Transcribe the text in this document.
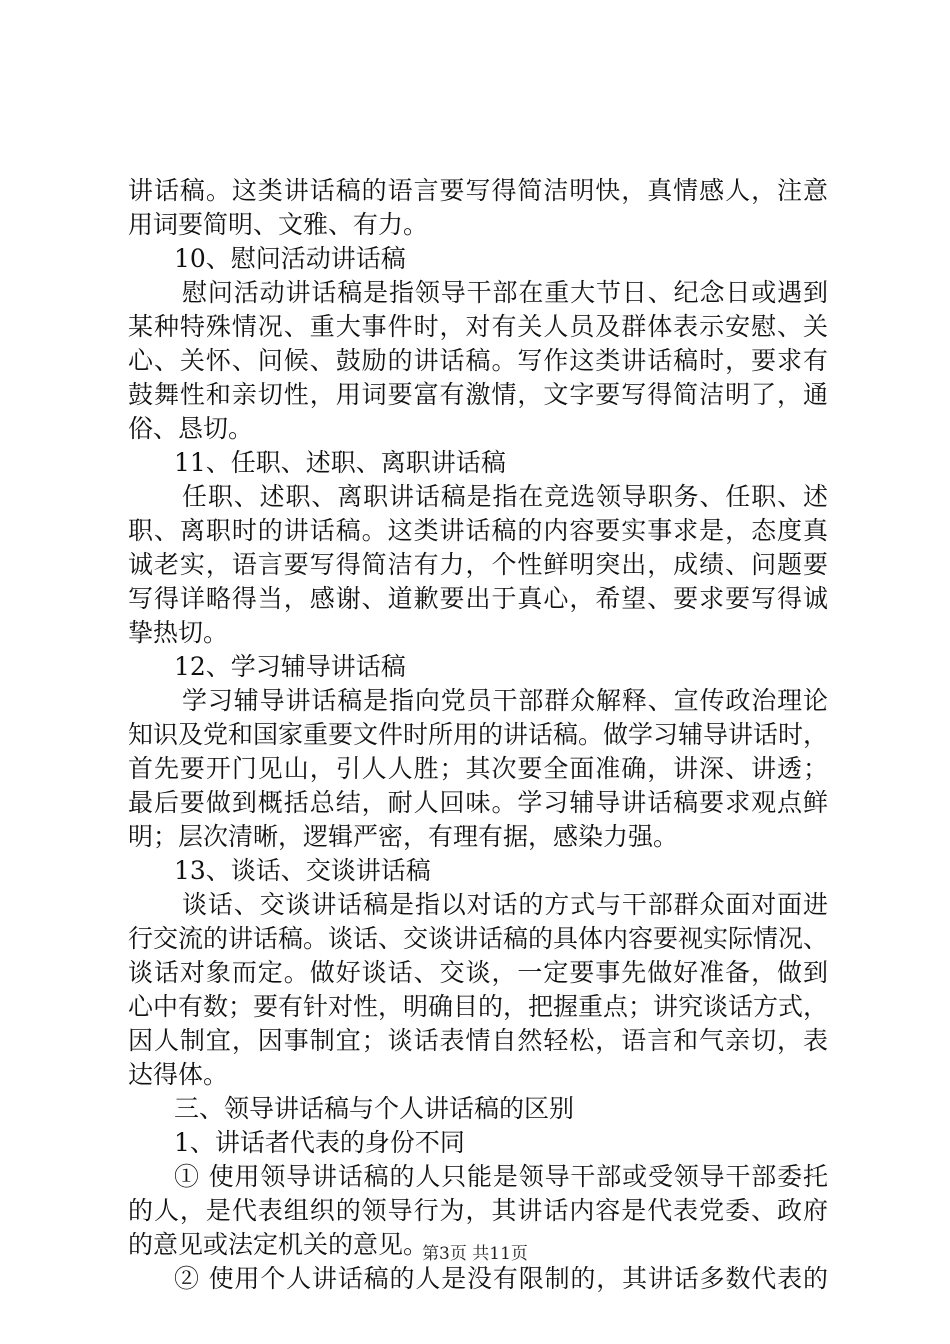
讲话稿。这类讲话稿的语言要写得简洁明快，真情感人，注意
用词要简明、文雅、有力。
10、慰问活动讲话稿
慰问活动讲话稿是指领导干部在重大节日、纪念日或遇到
某种特殊情况、重大事件时，对有关人员及群体表示安慰、关
心、关怀、问候、鼓励的讲话稿。写作这类讲话稿时，要求有
鼓舞性和亲切性，用词要富有激情，文字要写得简洁明了，通
俗、恳切。
11、任职、述职、离职讲话稿
任职、述职、离职讲话稿是指在竞选领导职务、任职、述
职、离职时的讲话稿。这类讲话稿的内容要实事求是，态度真
诚老实，语言要写得简洁有力，个性鲜明突出，成绩、问题要
写得详略得当，感谢、道歉要出于真心，希望、要求要写得诚
挚热切。
12、学习辅导讲话稿
学习辅导讲话稿是指向党员干部群众解释、宣传政治理论
知识及党和国家重要文件时所用的讲话稿。做学习辅导讲话时，
首先要开门见山，引人人胜；其次要全面准确，讲深、讲透；
最后要做到概括总结，耐人回味。学习辅导讲话稿要求观点鲜
明；层次清晰，逻辑严密，有理有据，感染力强。
13、谈话、交谈讲话稿
谈话、交谈讲话稿是指以对话的方式与干部群众面对面进
行交流的讲话稿。谈话、交谈讲话稿的具体内容要视实际情况、
谈话对象而定。做好谈话、交谈，一定要事先做好准备，做到
心中有数；要有针对性，明确目的，把握重点；讲究谈话方式，
因人制宜，因事制宜；谈话表情自然轻松，语言和气亲切，表
达得体。
三、领导讲话稿与个人讲话稿的区别
1、讲话者代表的身份不同
① 使用领导讲话稿的人只能是领导干部或受领导干部委托
的人，是代表组织的领导行为，其讲话内容是代表党委、政府
的意见或法定机关的意见。
② 使用个人讲话稿的人是没有限制的，其讲话多数代表的
第3页 共11页
